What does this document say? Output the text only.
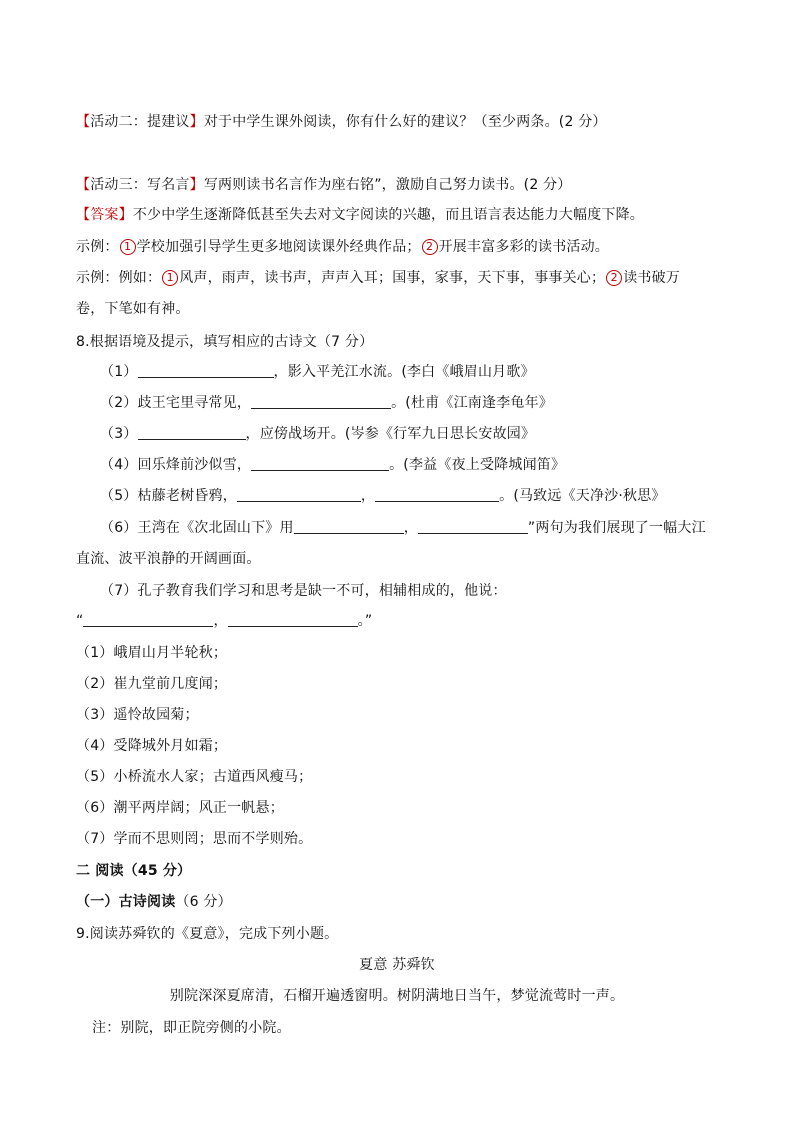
【活动二：提建议】对于中学生课外阅读，你有什么好的建议？（至少两条。(2 分）
【活动三：写名言】写两则读书名言作为座右铭”，激励自己努力读书。(2 分）
【答案】不少中学生逐渐降低甚至失去对文字阅读的兴趣，而且语言表达能力大幅度下降。
示例： 1 学校加强引导学生更多地阅读课外经典作品； 2 开展丰富多彩的读书活动。
示例：例如： 1 风声，雨声，读书声，声声入耳；国事，家事，天下事，事事关心； 2 读书破万
卷，下笔如有神。
8.根据语境及提示，填写相应的古诗文（7 分）
（1）	，影入平羌江水流。(李白《峨眉山月歌》
（2）歧王宅里寻常见，	。(杜甫《江南逢李龟年》
（3）	，应傍战场开。(岑参《行军九日思长安故园》
（4）回乐烽前沙似雪，	。(李益《夜上受降城闻笛》
（5）枯藤老树昏鸦，	，	。(马致远《天净沙·秋思》
（6）王湾在《次北固山下》用	，	”两句为我们展现了一幅大江
直流、波平浪静的开阔画面。
（7）孔子教育我们学习和思考是缺一不可，相辅相成的，他说：
“	，	。”
（1）峨眉山月半轮秋；
（2）崔九堂前几度闻；
（3）遥怜故园菊；
（4）受降城外月如霜；
（5）小桥流水人家；古道西风瘦马；
（6）潮平两岸阔；风正一帆悬；
（7）学而不思则罔；思而不学则殆。
二 阅读（45 分）
（一）古诗阅读（6 分）
9.阅读苏舜钦的《夏意》，完成下列小题。
夏意 苏舜钦
别院深深夏席清，石榴开遍透窗明。树阴满地日当午，梦觉流莺时一声。
注：别院，即正院旁侧的小院。
